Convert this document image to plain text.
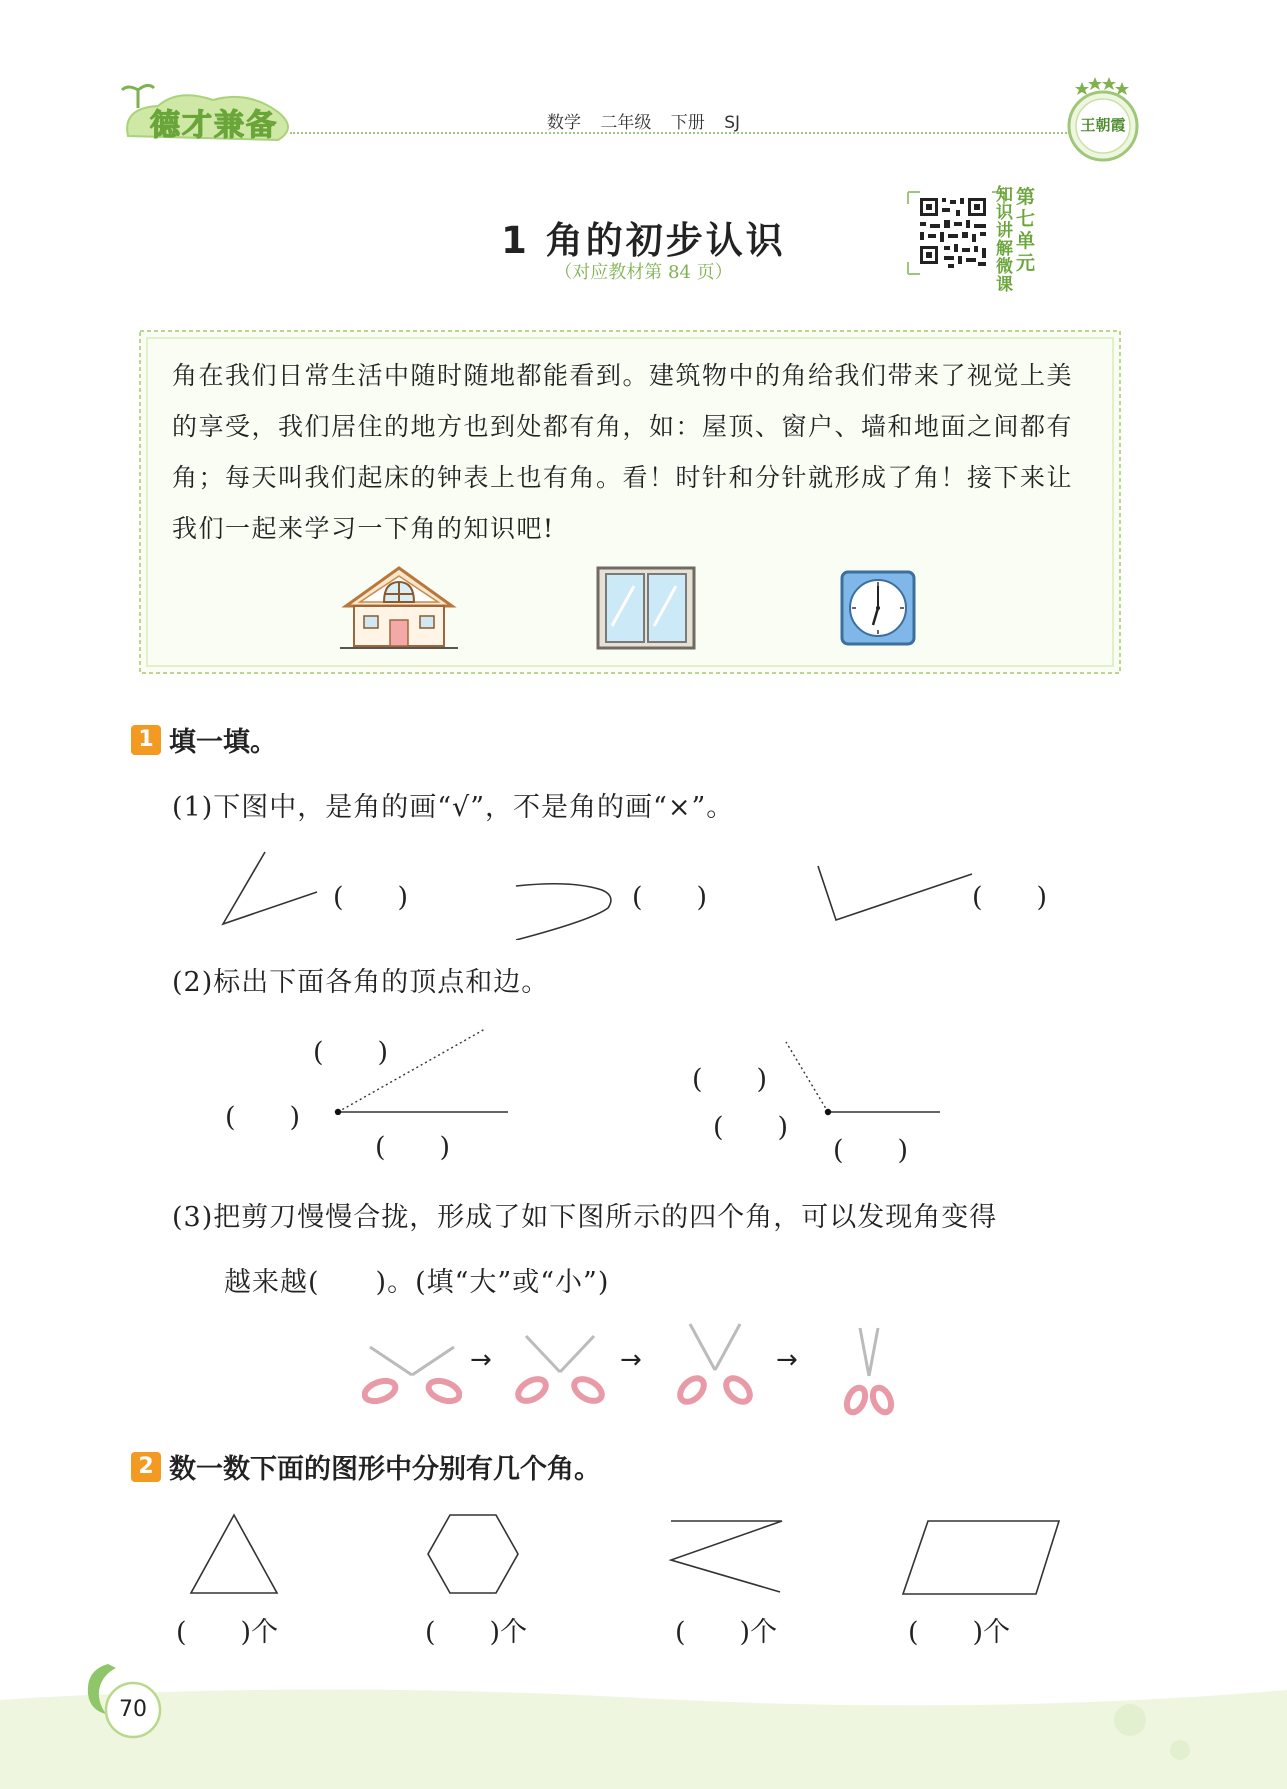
德才兼备	数学 二年级 下册 SJ	王朝霞
1 角的初步认识
（对应教材第 84 页）
知识讲解微课
第七单元
角在我们日常生活中随时随地都能看到。建筑物中的角给我们带来了视觉上美的享受，我们居住的地方也到处都有角，如：屋顶、窗户、墙和地面之间都有角；每天叫我们起床的钟表上也有角。看！时针和分针就形成了角！接下来让我们一起来学习一下角的知识吧!
1 填一填。
(1)下图中，是角的画“√”，不是角的画“×”。
(　　)	(　　)	(　　)
(2)标出下面各角的顶点和边。
(　　)
(　　)
(　　)
(　　)
(　　)
(　　)
(3)把剪刀慢慢合拢，形成了如下图所示的四个角，可以发现角变得
越来越(　　)。(填“大”或“小”)
→	→	→
2 数一数下面的图形中分别有几个角。
(　　)个	(　　)个	(　　)个	(　　)个
70
